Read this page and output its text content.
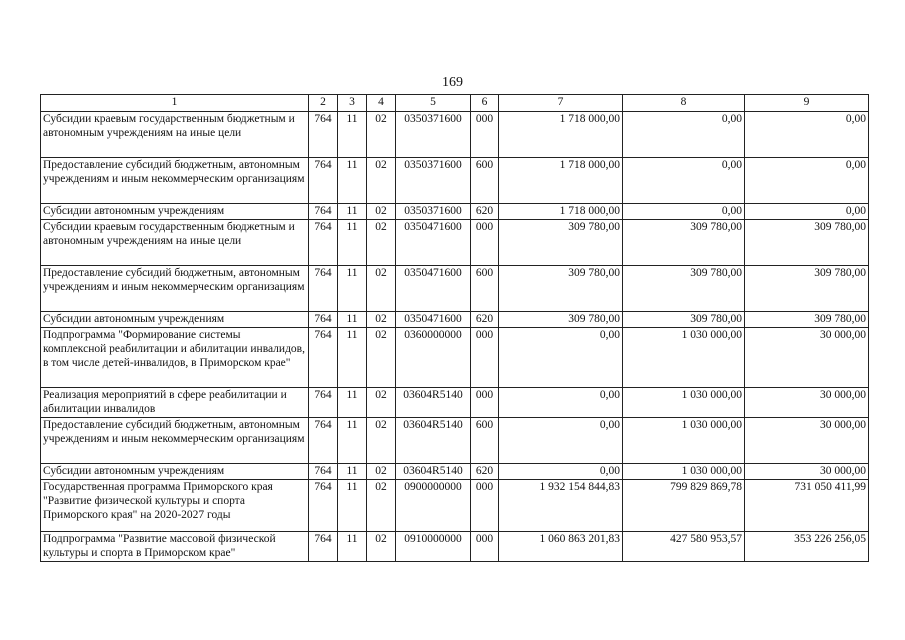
169
1	2	3	4	5	6	7	8	9
Субсидии краевым государственным бюджетным и автономным учреждениям на иные цели	764	11	02	0350371600	000	1 718 000,00	0,00	0,00
Предоставление субсидий бюджетным, автономным учреждениям и иным некоммерческим организациям	764	11	02	0350371600	600	1 718 000,00	0,00	0,00
Субсидии автономным учреждениям	764	11	02	0350371600	620	1 718 000,00	0,00	0,00
Субсидии краевым государственным бюджетным и автономным учреждениям на иные цели	764	11	02	0350471600	000	309 780,00	309 780,00	309 780,00
Предоставление субсидий бюджетным, автономным учреждениям и иным некоммерческим организациям	764	11	02	0350471600	600	309 780,00	309 780,00	309 780,00
Субсидии автономным учреждениям	764	11	02	0350471600	620	309 780,00	309 780,00	309 780,00
Подпрограмма "Формирование системы комплексной реабилитации и абилитации инвалидов, в том числе детей-инвалидов, в Приморском крае"	764	11	02	0360000000	000	0,00	1 030 000,00	30 000,00
Реализация мероприятий в сфере реабилитации и абилитации инвалидов	764	11	02	03604R5140	000	0,00	1 030 000,00	30 000,00
Предоставление субсидий бюджетным, автономным учреждениям и иным некоммерческим организациям	764	11	02	03604R5140	600	0,00	1 030 000,00	30 000,00
Субсидии автономным учреждениям	764	11	02	03604R5140	620	0,00	1 030 000,00	30 000,00
Государственная программа Приморского края "Развитие физической культуры и спорта Приморского края" на 2020-2027 годы	764	11	02	0900000000	000	1 932 154 844,83	799 829 869,78	731 050 411,99
Подпрограмма "Развитие массовой физической культуры и спорта в Приморском крае"	764	11	02	0910000000	000	1 060 863 201,83	427 580 953,57	353 226 256,05
